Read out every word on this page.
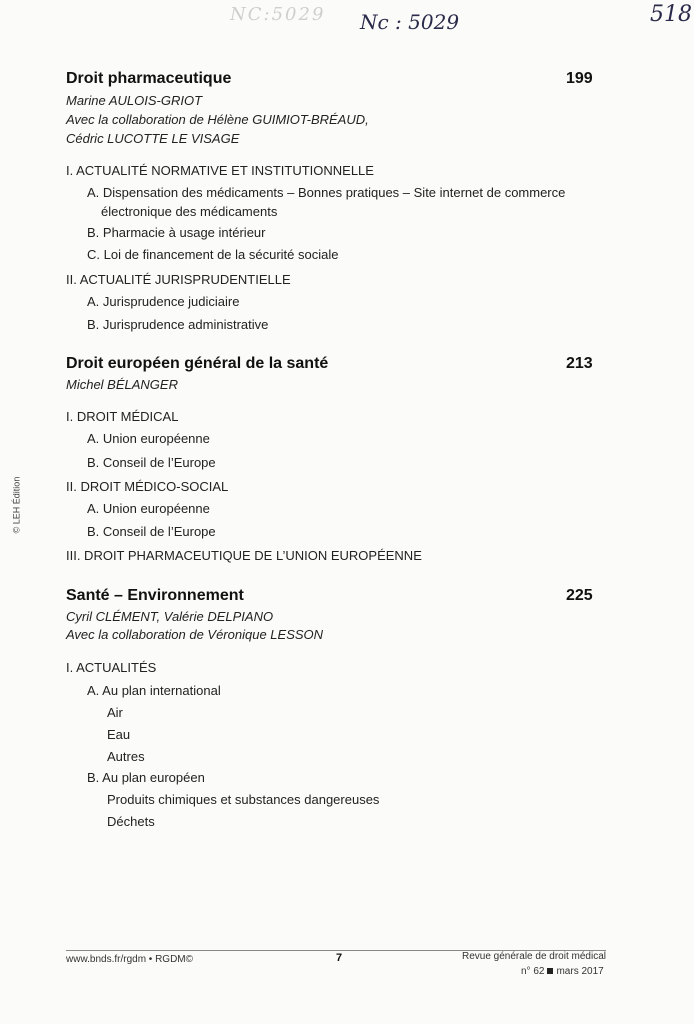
NC:5029 Nc : 5029	518
© LEH Édition
Droit pharmaceutique	199
Marine AULOIS-GRIOT
Avec la collaboration de Hélène GUIMIOT-BRÉAUD,
Cédric LUCOTTE LE VISAGE
I. ACTUALITÉ NORMATIVE ET INSTITUTIONNELLE
A. Dispensation des médicaments – Bonnes pratiques – Site internet de commerce
électronique des médicaments
B. Pharmacie à usage intérieur
C. Loi de financement de la sécurité sociale
II. ACTUALITÉ JURISPRUDENTIELLE
A. Jurisprudence judiciaire
B. Jurisprudence administrative
Droit européen général de la santé	213
Michel BÉLANGER
I. DROIT MÉDICAL
A. Union européenne
B. Conseil de l’Europe
II. DROIT MÉDICO-SOCIAL
A. Union européenne
B. Conseil de l’Europe
III. DROIT PHARMACEUTIQUE DE L’UNION EUROPÉENNE
Santé – Environnement	225
Cyril CLÉMENT, Valérie DELPIANO
Avec la collaboration de Véronique LESSON
I. ACTUALITÉS
A. Au plan international
Air
Eau
Autres
B. Au plan européen
Produits chimiques et substances dangereuses
Déchets
www.bnds.fr/rgdm • RGDM©	7	Revue générale de droit médical
n° 62 mars 2017
